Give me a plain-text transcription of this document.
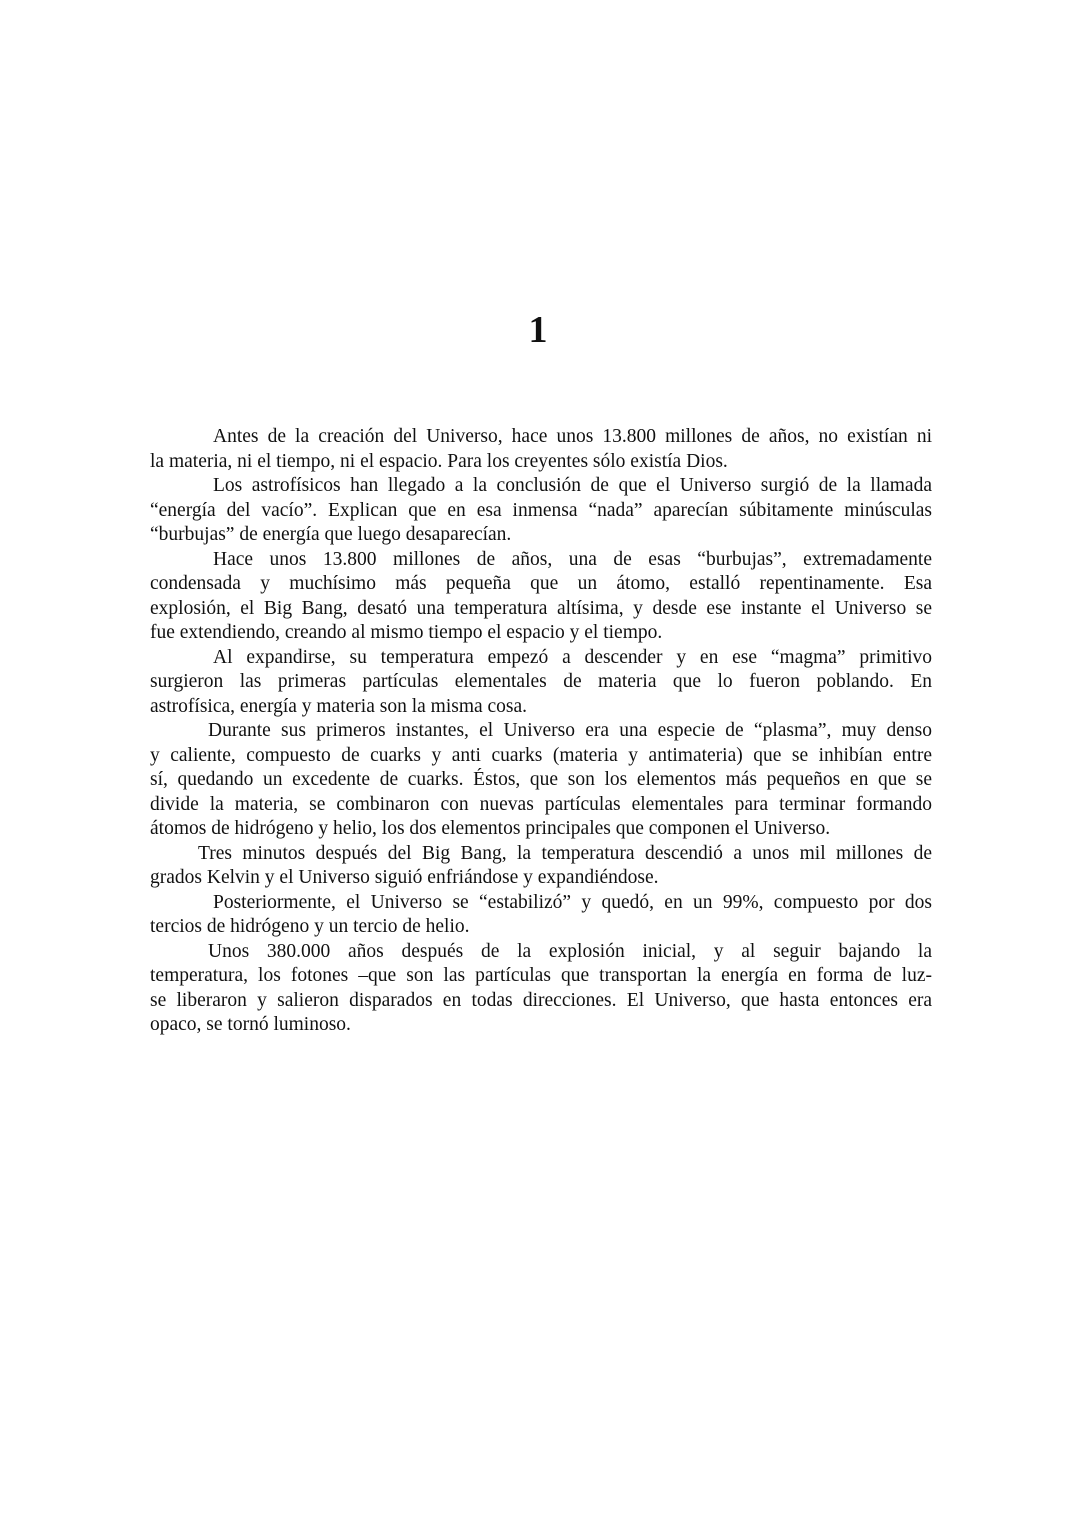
1

Antes de la creación del Universo, hace unos 13.800 millones de años, no existían ni
la materia, ni el tiempo, ni el espacio. Para los creyentes sólo existía Dios.

Los astrofísicos han llegado a la conclusión de que el Universo surgió de la llamada
“energía del vacío”. Explican que en esa inmensa “nada” aparecían súbitamente minúsculas
“burbujas” de energía que luego desaparecían.

Hace unos 13.800 millones de años, una de esas “burbujas”, extremadamente
condensada y muchísimo más pequeña que un átomo, estalló repentinamente. Esa
explosión, el Big Bang, desató una temperatura altísima, y desde ese instante el Universo se
fue extendiendo, creando al mismo tiempo el espacio y el tiempo.

Al expandirse, su temperatura empezó a descender y en ese “magma” primitivo
surgieron las primeras partículas elementales de materia que lo fueron poblando. En
astrofísica, energía y materia son la misma cosa.

Durante sus primeros instantes, el Universo era una especie de “plasma”, muy denso
y caliente, compuesto de cuarks y anti cuarks (materia y antimateria) que se inhibían entre
sí, quedando un excedente de cuarks. Éstos, que son los elementos más pequeños en que se
divide la materia, se combinaron con nuevas partículas elementales para terminar formando
átomos de hidrógeno y helio, los dos elementos principales que componen el Universo.

Tres minutos después del Big Bang, la temperatura descendió a unos mil millones de
grados Kelvin y el Universo siguió enfriándose y expandiéndose.

Posteriormente, el Universo se “estabilizó” y quedó, en un 99%, compuesto por dos
tercios de hidrógeno y un tercio de helio.

Unos 380.000 años después de la explosión inicial, y al seguir bajando la
temperatura, los fotones –que son las partículas que transportan la energía en forma de luz-
se liberaron y salieron disparados en todas direcciones. El Universo, que hasta entonces era
opaco, se tornó luminoso.
